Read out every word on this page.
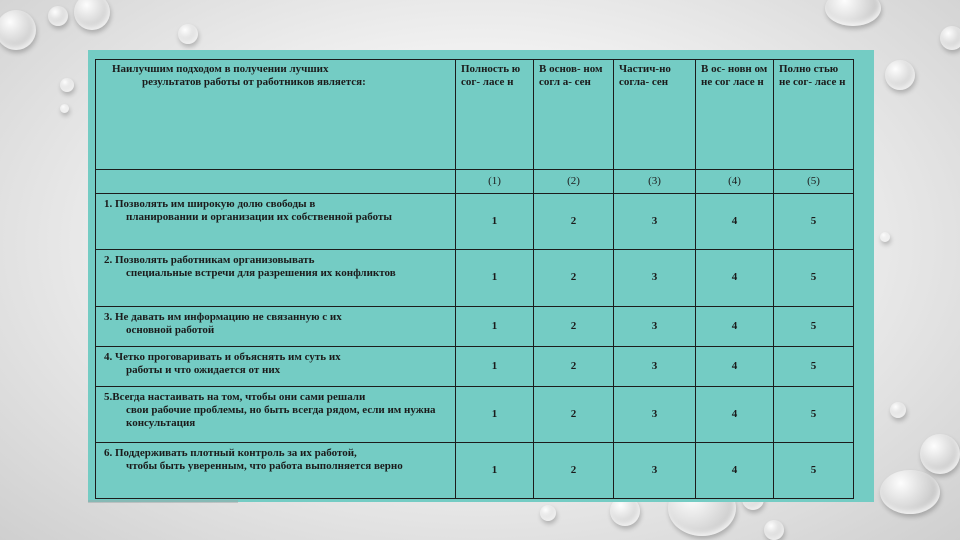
Наилучшим подходом в получении лучших
результатов работы от работников является:	Полность ю сог- ласе н	В основ- ном согл а- сен	Частич-но согла- сен	В ос- новн ом не сог ласе н	Полно стью не сог- ласе н
	(1)	(2)	(3)	(4)	(5)
1. Позволять им широкую долю свободы в
планировании и организации их собственной работы	1	2	3	4	5
2. Позволять работникам организовывать
специальные встречи для разрешения их конфликтов	1	2	3	4	5
3. Не давать им информацию не связанную с их
основной работой	1	2	3	4	5
4. Четко проговаривать и объяснять им суть их
работы и что ожидается от них	1	2	3	4	5
5.Всегда настаивать на том, чтобы они сами решали
свои рабочие проблемы, но быть всегда рядом, если им нужна консультация	1	2	3	4	5
6. Поддерживать плотный контроль за их работой,
чтобы быть уверенным, что работа выполняется верно	1	2	3	4	5
